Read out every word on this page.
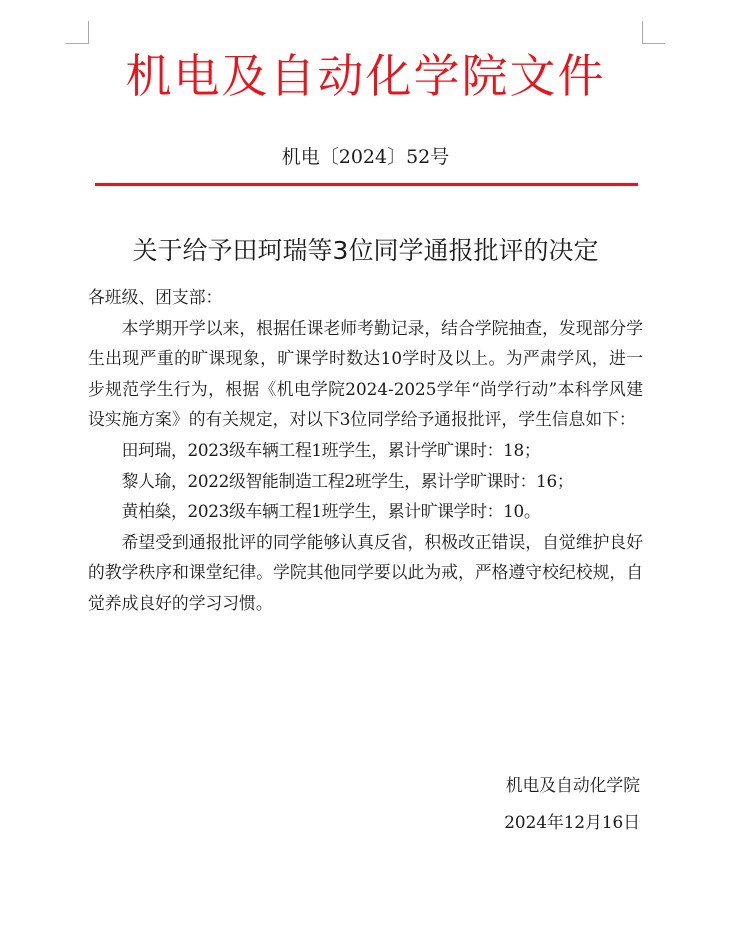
机电及自动化学院文件
机电〔2024〕52号
关于给予田珂瑞等3位同学通报批评的决定

各班级、团支部：

本学期开学以来，根据任课老师考勤记录，结合学院抽查，发现部分学生出现严重的旷课现象，旷课学时数达10学时及以上。为严肃学风，进一步规范学生行为，根据《机电学院2024-2025学年“尚学行动”本科学风建设实施方案》的有关规定，对以下3位同学给予通报批评，学生信息如下：

田珂瑞，2023级车辆工程1班学生，累计学旷课时：18；

黎人瑜，2022级智能制造工程2班学生，累计学旷课时：16；

黄柏燊，2023级车辆工程1班学生，累计旷课学时：10。

希望受到通报批评的同学能够认真反省，积极改正错误，自觉维护良好的教学秩序和课堂纪律。学院其他同学要以此为戒，严格遵守校纪校规，自觉养成良好的学习习惯。

机电及自动化学院
2024年12月16日
